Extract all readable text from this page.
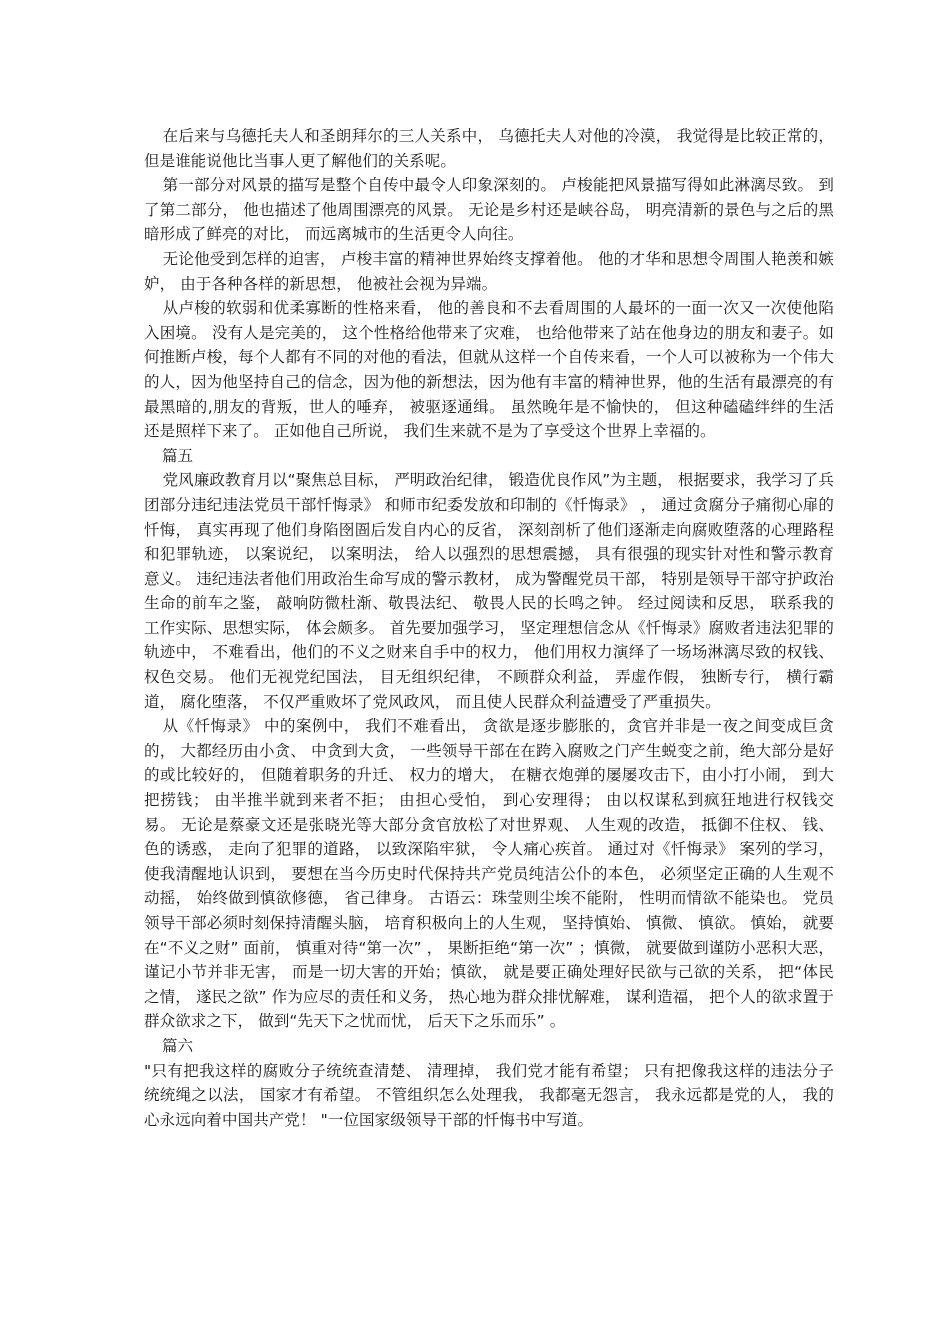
在后来与乌德托夫人和圣朗拜尔的三人关系中， 乌德托夫人对他的冷漠， 我觉得是比较正常的， 但是谁能说他比当事人更了解他们的关系呢。

第一部分对风景的描写是整个自传中最令人印象深刻的。 卢梭能把风景描写得如此淋漓尽致。 到了第二部分， 他也描述了他周围漂亮的风景。 无论是乡村还是峡谷岛， 明亮清新的景色与之后的黑暗形成了鲜亮的对比， 而远离城市的生活更令人向往。

无论他受到怎样的迫害， 卢梭丰富的精神世界始终支撑着他。 他的才华和思想令周围人艳羡和嫉妒， 由于各种各样的新思想， 他被社会视为异端。

从卢梭的软弱和优柔寡断的性格来看， 他的善良和不去看周围的人最坏的一面一次又一次使他陷入困境。 没有人是完美的， 这个性格给他带来了灾难， 也给他带来了站在他身边的朋友和妻子。如何推断卢梭，每个人都有不同的对他的看法，但就从这样一个自传来看，一个人可以被称为一个伟大的人，因为他坚持自己的信念，因为他的新想法，因为他有丰富的精神世界，他的生活有最漂亮的有最黑暗的,朋友的背叛，世人的唾弃， 被驱逐通缉。 虽然晚年是不愉快的， 但这种磕磕绊绊的生活还是照样下来了。 正如他自己所说， 我们生来就不是为了享受这个世界上幸福的。

篇五

党风廉政教育月以“聚焦总目标， 严明政治纪律， 锻造优良作风”为主题， 根据要求，我学习了兵团部分违纪违法党员干部忏悔录》 和师市纪委发放和印制的《忏悔录》 ， 通过贪腐分子痛彻心扉的忏悔， 真实再现了他们身陷囹圄后发自内心的反省， 深刻剖析了他们逐渐走向腐败堕落的心理路程和犯罪轨迹， 以案说纪， 以案明法， 给人以强烈的思想震撼， 具有很强的现实针对性和警示教育意义。 违纪违法者他们用政治生命写成的警示教材， 成为警醒党员干部， 特别是领导干部守护政治生命的前车之鉴， 敲响防微杜渐、敬畏法纪、 敬畏人民的长鸣之钟。 经过阅读和反思， 联系我的工作实际、思想实际， 体会颇多。 首先要加强学习， 坚定理想信念从《忏悔录》腐败者违法犯罪的轨迹中， 不难看出，他们的不义之财来自手中的权力， 他们用权力演绎了一场场淋漓尽致的权钱、 权色交易。 他们无视党纪国法， 目无组织纪律， 不顾群众利益， 弄虚作假， 独断专行， 横行霸道， 腐化堕落， 不仅严重败坏了党风政风， 而且使人民群众利益遭受了严重损失。

从《忏悔录》 中的案例中， 我们不难看出， 贪欲是逐步膨胀的，贪官并非是一夜之间变成巨贪的， 大都经历由小贪、 中贪到大贪， 一些领导干部在在跨入腐败之门产生蜕变之前，绝大部分是好的或比较好的， 但随着职务的升迁、 权力的增大， 在糖衣炮弹的屡屡攻击下，由小打小闹， 到大把捞钱； 由半推半就到来者不拒； 由担心受怕， 到心安理得； 由以权谋私到疯狂地进行权钱交易。 无论是蔡豪文还是张晓光等大部分贪官放松了对世界观、 人生观的改造， 抵御不住权、 钱、色的诱惑， 走向了犯罪的道路， 以致深陷牢狱， 令人痛心疾首。 通过对《忏悔录》 案列的学习， 使我清醒地认识到， 要想在当今历史时代保持共产党员纯洁公仆的本色， 必须坚定正确的人生观不动摇， 始终做到慎欲修德， 省己律身。 古语云：珠莹则尘埃不能附， 性明而情欲不能染也。 党员领导干部必须时刻保持清醒头脑， 培育积极向上的人生观， 坚持慎始、 慎微、 慎欲。 慎始， 就要在“不义之财” 面前， 慎重对待“第一次” ， 果断拒绝“第一次” ；慎微， 就要做到谨防小恶积大恶，谨记小节并非无害， 而是一切大害的开始；慎欲， 就是要正确处理好民欲与己欲的关系， 把“体民之情， 遂民之欲” 作为应尽的责任和义务， 热心地为群众排忧解难， 谋利造福， 把个人的欲求置于群众欲求之下， 做到“先天下之忧而忧， 后天下之乐而乐” 。

篇六

"只有把我这样的腐败分子统统查清楚、 清理掉， 我们党才能有希望； 只有把像我这样的违法分子统统绳之以法， 国家才有希望。 不管组织怎么处理我， 我都毫无怨言， 我永远都是党的人， 我的心永远向着中国共产党！ "一位国家级领导干部的忏悔书中写道。
